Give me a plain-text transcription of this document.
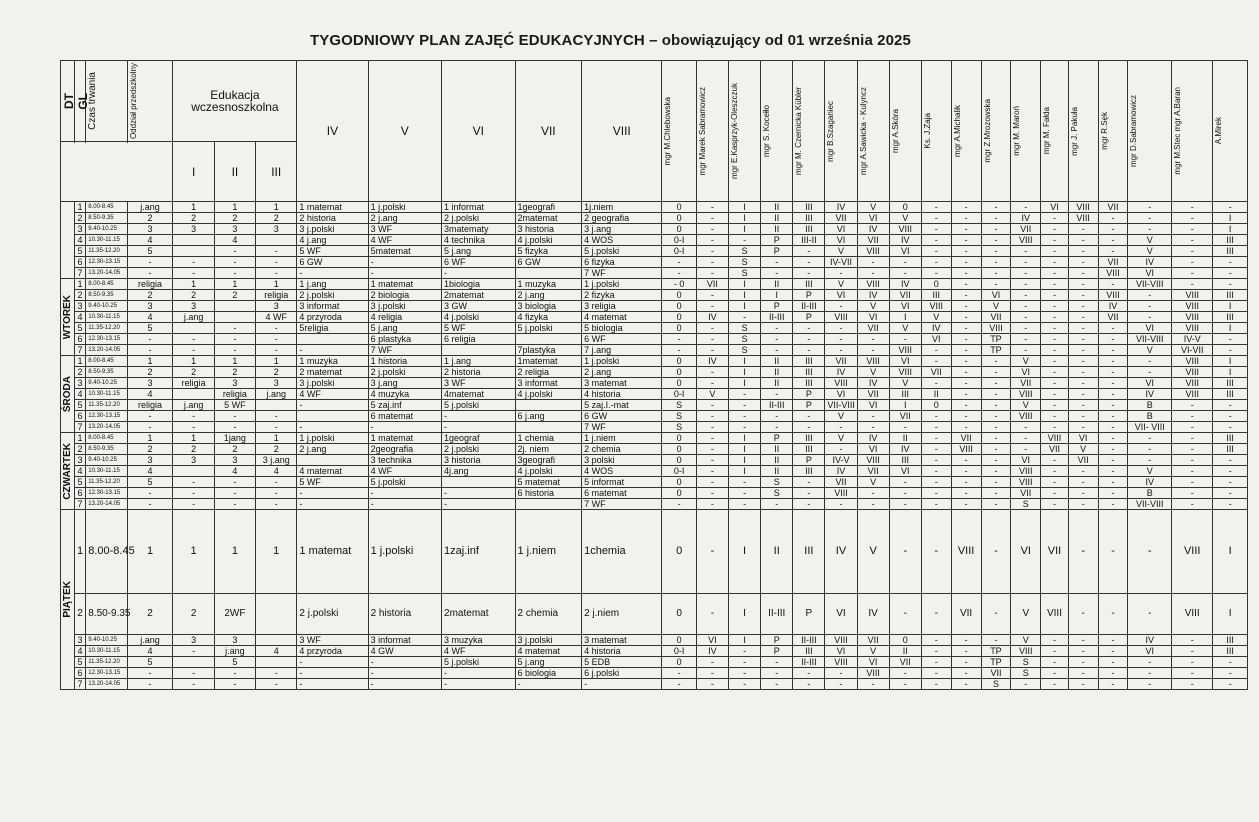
TYGODNIOWY PLAN ZAJĘĆ EDUKACYJNYCH – obowiązujący od 01 września 2025
DT	GL	Czas trwania	Oddział przedszkolny	Edukacja wczesnoszkolna			IV	V	VI	VII	VIII	mgr M.Chlebowska	mgr Marek Sabramowicz	mgr E.Kasprzyk-Oleszczuk	mgr S. Kocełło	mgr M. Czernicka Kübler	mgr B.Szaganiec	mgr A.Sawicka - Kulyncz	mgr A.Skóra	Ks. J.Zaja	mgr A.Michalik	mgr Z.Mrozowska	mgr M. Maroń	mgr M. Fałda	mgr J. Pakuła	mgr R.Sęk	mgr D.Sabramowicz	mgr M.Stec mgr A.Baran	A.Mirek

				I	II	III																							

	1	8.00-8.45	j.ang	1	1	1	1 matemat	1 j.polski	1 informat	1geografi	1j.niem	0	-	I	II	III	IV	V	0	-	-	-	-	VI	VIII	VII	-	-	-
	2	8.50-9.35	2	2	2	2	2 historia	2 j.ang	2 j.polski	2matemat	2 geografia	0	-	I	II	III	VII	VI	V	-	-	-	IV	-	VIII	-	-	-	I
	3	9.40-10.25	3	3	3	3	3 j.polski	3 WF	3matematy	3 historia	3 j.ang	0	-	I	II	III	VI	IV	VIII	-	-	-	VII	-	-	-	-	-	I
	4	10.30-11.15	4		4		4 j.ang	4 WF	4 technika	4 j.polski	4 WOS	0-I	-	-	P	III-II	VI	VII	IV	-	-	-	VIII	-	-	-	V	-	III
	5	11.35-12.20	5		-	-	5 WF	5matemat	5 j.ang	5 fizyka	5 j.polski	0-I	-	S	P	-	V	VIII	VI	-	-	-	-	-	-	-	V	-	III
	6	12.30-13.15	-	-	-	-	6 GW	-	6 WF	6 GW	6 fizyka	-	-	S	-	-	IV-VII	-	-	-	-	-	-	-	-	VII	IV	-	-
	7	13.20-14.05	-	-	-	-	-	-	-		7 WF	-	-	S	-	-	-	-	-	-	-	-	-	-	-	VIII	VI	-	-

WTOREK	1	8.00-8.45	religia	1	1	1	1 j.ang	1 matemat	1biologia	1 muzyka	1 j.polski	- 0	VII	I	II	III	V	VIII	IV	0	-	-	-	-	-	-	VII-VIII	-	-
	2	8.50-9.35	2	2	2	religia	2 j.polski	2 biologia	2matemat	2 j.ang	2 fizyka	0	-	I	I	P	VI	IV	VII	III	-	VI	-	-	-	VIII	-	VIII	III
	3	9.40-10.25	3	3		3	3 informat	3 j.polski	3 GW	3 biologia	3 religia	0	-	I	P	II-III	-	V	VI	VIII	-	V	-	-	-	IV	-	VIII	I
	4	10.30-11.15	4	j.ang		4 WF	4 przyroda	4 religia	4 j.polski	4 fizyka	4 matemat	0	IV	-	II-III	P	VIII	VI	I	V	-	VII	-	-	-	VII	-	VIII	III
	5	11.35-12.20	5		-	-	5religia	5 j.ang	5 WF	5 j.polski	5 biologia	0	-	S	-	-	-	VII	V	IV	-	VIII	-	-	-	-	VI	VIII	I
	6	12.30-13.15	-	-	-	-		6 plastyka	6 religia		6 WF	-	-	S	-	-	-	-	-	VI	-	TP	-	-	-	-	VII-VIII	IV-V	-
	7	13.20-14.05	-	-	-	-	-	7 WF		7plastyka	7 j.ang	-	-	S	-	-	-	-	VIII	-	-	TP	-	-	-	-	V	VI-VII	-

ŚRODA	1	8.00-8.45	1	1	1	1	1 muzyka	1 historia	1 j.ang	1matemat	1 j.polski	0	IV	I	II	III	VII	VIII	VI	-	-	-	V	-	-	-	-	VIII	I
	2	8.50-9.35	2	2	2	2	2 matemat	2 j.polski	2 historia	2 religia	2 j.ang	0	-	I	II	III	IV	V	VIII	VII	-	-	VI	-	-	-	-	VIII	I
	3	9.40-10.25	3	religia	3	3	3 j.polski	3 j.ang	3 WF	3 informat	3 matemat	0	-	I	II	III	VIII	IV	V	-	-	-	VII	-	-	-	VI	VIII	III
	4	10.30-11.15	4		religia	j.ang	4 WF	4 muzyka	4matemat	4 j.polski	4 historia	0-I	V	-	-	P	VI	VII	III	II	-	-	VIII	-	-	-	IV	VIII	III
	5	11.35-12.20	religia	j.ang	5 WF		-	5 zaj.inf	5 j.polski		5 zaj.I.-mat	S	-	-	II-III	P	VII-VIII	VI	I	0	-	-	V	-	-	-	B	-	-
	6	12.30-13.15	-	-	-	-		6 matemat	-	6 j.ang	6 GW	S	-	-	-	-	V	-	VII	-	-	-	VIII	-	-	-	B	-	-
	7	13.20-14.05	-	-	-	-	-	-	-		7 WF	S	-	-	-	-	-	-	-	-	-	-	-	-	-	-	VII- VIII	-	-

CZWARTEK	1	8.00-8.45	1	1	1jang	1	1 j.polski	1 matemat	1geograf	1 chemia	1 j.niem	0	-	I	P	III	V	IV	II	-	VII	-	-	VIII	VI	-	-	-	III
	2	8.50-9.35	2	2	2	2	2 j.ang	2geografia	2 j.polski	2j. niem	2 chemia	0	-	I	II	III	-	VI	IV	-	VIII	-	-	VII	V	-	-	-	III
	3	9.40-10.25	3	3	3	3 j.ang		3 technika	3 historia	3geografi	3 polski	0	-	I	II	P	IV-V	VIII	III	-	-	-	VI	-	VII	-	-	-	-
	4	10.30-11.15	4		4	4	4 matemat	4 WF	4j.ang	4 j.polski	4 WOS	0-I	-	I	II	III	IV	VII	VI	-	-	-	VIII	-	-	-	V	-	-
	5	11.35-12.20	5	-	-	-	5 WF	5 j.polski		5 matemat	5 informat	0	-	-	S	-	VII	V	-	-	-	-	VIII	-	-	-	IV	-	-
	6	12.30-13.15	-	-	-	-	-	-	-	6 historia	6 matemat	0	-	-	S	-	VIII	-	-	-	-	-	VII	-	-	-	B	-	-
	7	13.20-14.05	-	-	-	-	-	-	-		7 WF	-	-	-	-	-	-	-	-	-	-	-	S	-	-	-	VII-VIII	-	-

PIĄTEK	1	8.00-8.45	1	1	1	1	1 matemat	1 j.polski	1zaj.inf	1 j.niem	1chemia	0	-	I	II	III	IV	V	-	-	VIII	-	VI	VII	-	-	-	VIII	I
	2	8.50-9.35	2	2	2WF		2 j.polski	2 historia	2matemat	2 chemia	2 j.niem	0	-	I	II-III	P	VI	IV	-	-	VII	-	V	VIII	-	-	-	VIII	I
	3	9.40-10.25	j.ang	3	3		3 WF	3 informat	3 muzyka	3 j.polski	3 matemat	0	VI	I	P	II-III	VIII	VII	0	-	-	-	V	-	-	-	IV	-	III
	4	10.30-11.15	4	-	j.ang	4	4 przyroda	4 GW	4 WF	4 matemat	4 historia	0-I	IV	-	P	III	VI	V	II	-	-	TP	VIII	-	-	-	VI	-	III
	5	11.35-12.20	5		5		-	-	5 j.polski	5 j.ang	5 EDB	0	-	-	-	II-III	VIII	VI	VII	-	-	TP	S	-	-	-	-	-	-
	6	12.30-13.15	-	-	-	-	-	-	-	6 biologia	6 j.polski	-	-	-	-	-	-	VIII	-	-	-	VII	S	-	-	-	-	-	-
	7	13.20-14.05	-	-	-	-	-	-	-	-	-	-	-	-	-	-	-	-	-	-	-	S	-	-	-	-	-	-	-
